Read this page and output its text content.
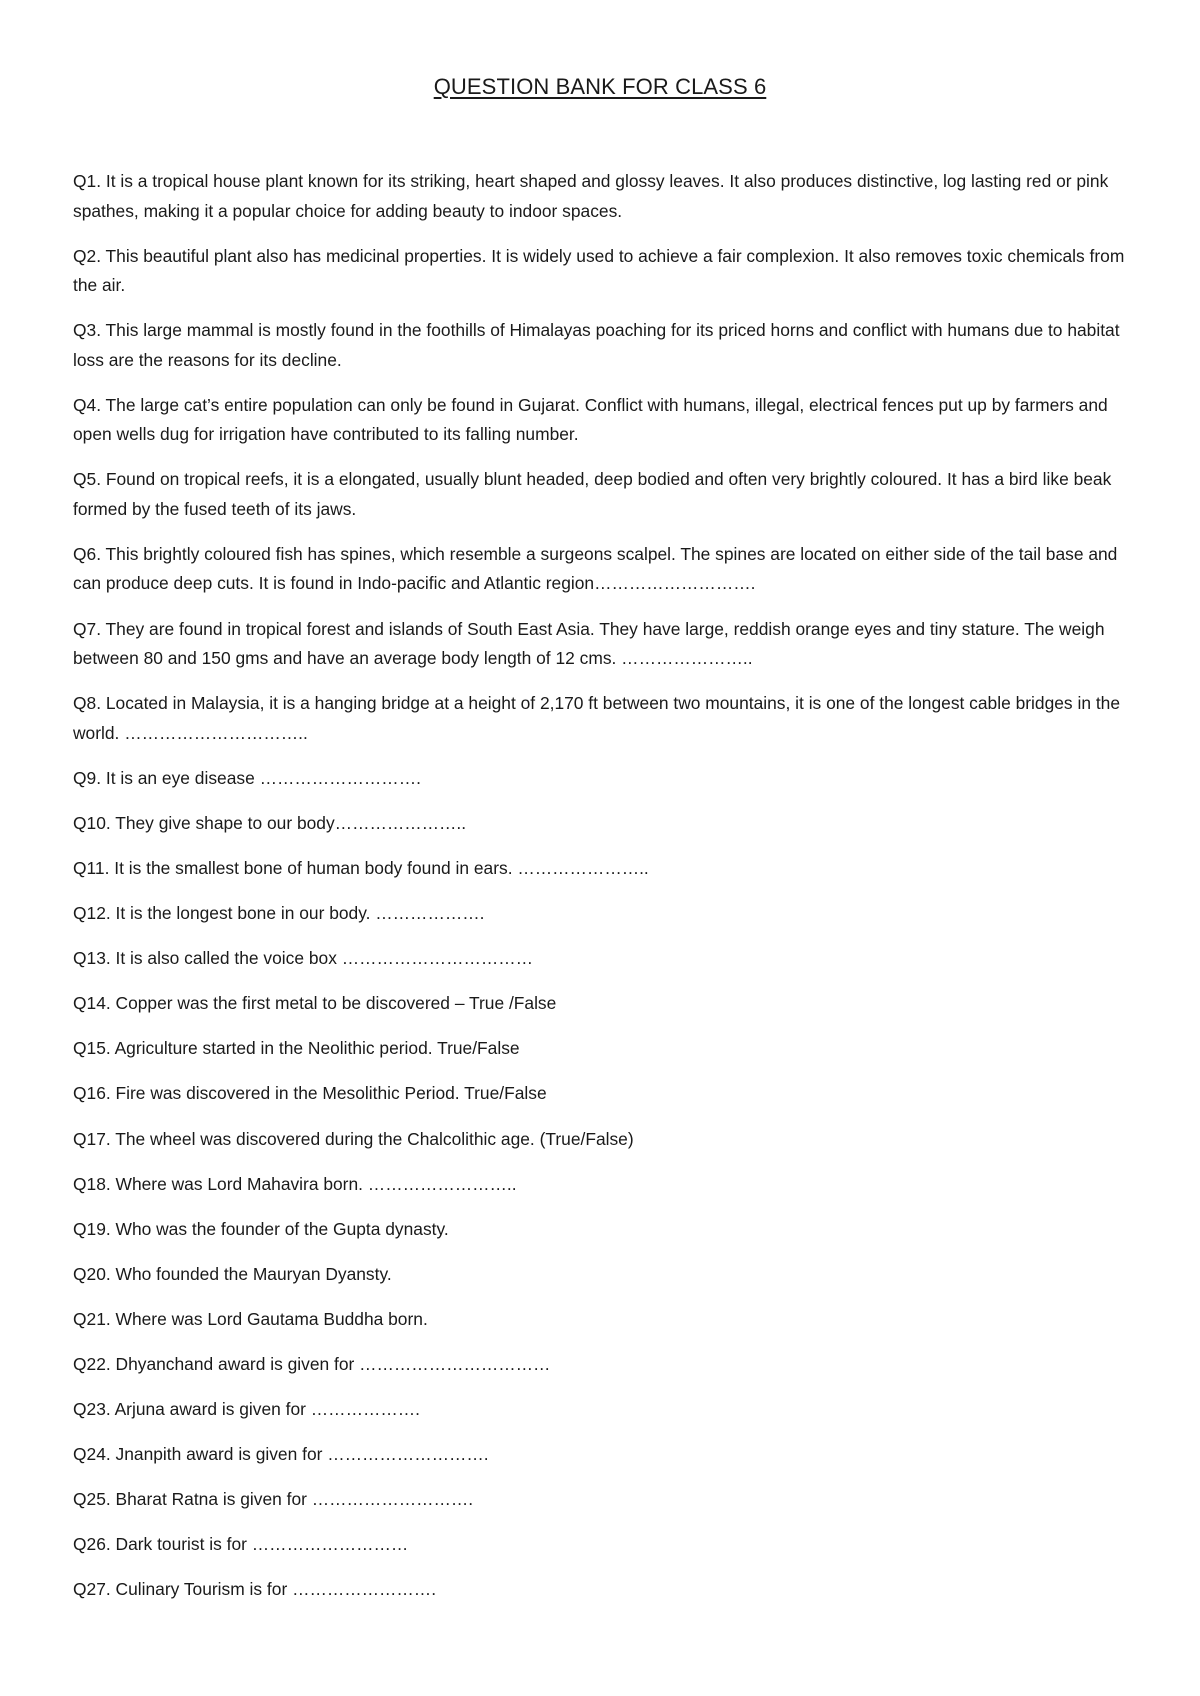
QUESTION BANK FOR CLASS 6

Q1. It is a tropical house plant known for its striking, heart shaped and glossy leaves. It also produces distinctive, log lasting red or pink spathes, making it a popular choice for adding beauty to indoor spaces.

Q2. This beautiful plant also has medicinal properties. It is widely used to achieve a fair complexion. It also removes toxic chemicals from the air.

Q3. This large mammal is mostly found in the foothills of Himalayas poaching for its priced horns and conflict with humans due to habitat loss are the reasons for its decline.

Q4. The large cat’s entire population can only be found in Gujarat. Conflict with humans, illegal, electrical fences put up by farmers and open wells dug for irrigation have contributed to its falling number.

Q5. Found on tropical reefs, it is a elongated, usually blunt headed, deep bodied and often very brightly coloured. It has a bird like beak formed by the fused teeth of its jaws.

Q6. This brightly coloured fish has spines, which resemble a surgeons scalpel. The spines are located on either side of the tail base and can produce deep cuts. It is found in Indo-pacific and Atlantic region……………………….

Q7. They are found in tropical forest and islands of South East Asia. They have large, reddish orange eyes and tiny stature. The weigh between 80 and 150 gms and have an average body length of 12 cms. …………………..

Q8. Located in Malaysia, it is a hanging bridge at a height of 2,170 ft between two mountains, it is one of the longest cable bridges in the world. …………………………..

Q9. It is an eye disease ……………………….

Q10. They give shape to our body…………………..

Q11. It is the smallest bone of human body found in ears. …………………..

Q12. It is the longest bone in our body. ……………….

Q13. It is also called the voice box ……………………………

Q14. Copper was the first metal to be discovered – True /False

Q15. Agriculture started in the Neolithic period. True/False

Q16. Fire was discovered in the Mesolithic Period. True/False

Q17. The wheel was discovered during the Chalcolithic age. (True/False)

Q18. Where was Lord Mahavira born. ……………………..

Q19. Who was the founder of the Gupta dynasty.

Q20. Who founded the Mauryan Dyansty.

Q21. Where was Lord Gautama Buddha born.

Q22. Dhyanchand award is given for ……………………………

Q23. Arjuna award is given for ……………….

Q24. Jnanpith award is given for ……………………….

Q25. Bharat Ratna is given for ……………………….

Q26. Dark tourist is for ………………………

Q27. Culinary Tourism is for …………………….
